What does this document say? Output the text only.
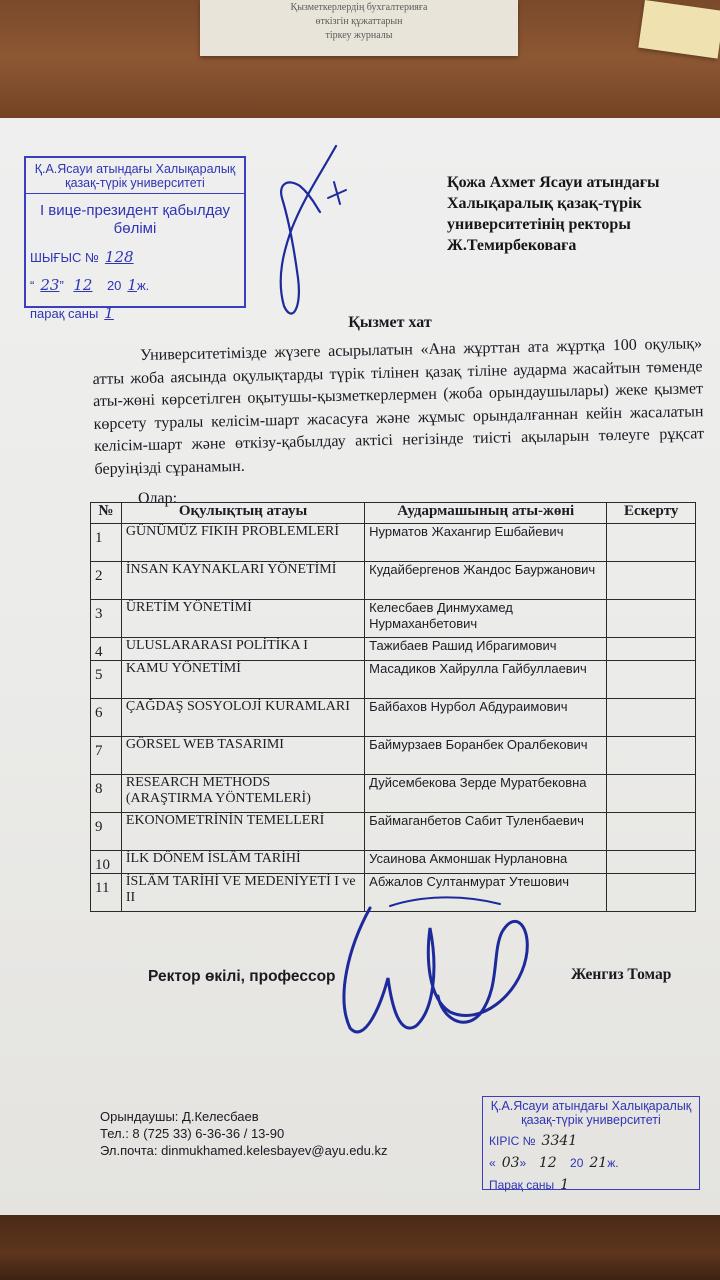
Қызметкерлердің бухгалтерияға
өткізгін құжаттарын
тіркеу журналы
Қ.А.Ясауи атындағы Халықаралық қазақ-түрік университеті
I вице-президент қабылдау бөлімі
ШЫҒЫС № 128
“ 23” 12 20 1ж.
парақ саны 1
Қожа Ахмет Ясауи атындағы
Халықаралық қазақ-түрік
университетінің ректоры
Ж.Темирбековаға
Қызмет хат
Университетімізде жүзеге асырылатын «Ана жұрттан ата жұртқа 100 оқулық» атты жоба аясында оқулықтарды түрік тілінен қазақ тіліне аударма жасайтын төменде аты-жөні көрсетілген оқытушы-қызметкерлермен (жоба орындаушылары) жеке қызмет көрсету туралы келісім-шарт жасасуға және жұмыс орындалғаннан кейін жасалатын келісім-шарт және өткізу-қабылдау актісі негізінде тиісті ақыларын төлеуге рұқсат беруіңізді сұранамын.
Олар:
№	Оқулықтың атауы	Аудармашының аты-жөні	Ескерту
1	GÜNÜMÜZ FIKIH PROBLEMLERİ	Нурматов Жахангир Ешбайевич	
2	İNSAN KAYNAKLARI YÖNETİMİ	Кудайбергенов Жандос Бауржанович	
3	ÜRETİM YÖNETİMİ	Келесбаев Динмухамед Нурмаханбетович	
4	ULUSLARARASI POLİTİKA I	Тажибаев Рашид Ибрагимович	
5	KAMU YÖNETİMİ	Масадиков Хайрулла Гайбуллаевич	
6	ÇAĞDAŞ SOSYOLOJİ KURAMLARI	Байбахов Нурбол Абдураимович	
7	GÖRSEL WEB TASARIMI	Баймурзаев Боранбек Оралбекович	
8	RESEARCH METHODS (ARAŞTIRMA YÖNTEMLERİ)	Дуйсембекова Зерде Муратбековна	
9	EKONOMETRİNİN TEMELLERİ	Баймаганбетов Сабит Туленбаевич	
10	İLK DÖNEM İSLÂM TARİHİ	Усаинова Акмоншак Нурлановна	
11	İSLÂM TARİHİ VE MEDENİYETİ I ve II	Абжалов Султанмурат Утешович	
Ректор өкілі, профессор	Женгиз Томар
Орындаушы: Д.Келесбаев
Тел.: 8 (725 33) 6-36-36 / 13-90
Эл.почта: dinmukhamed.kelesbayev@ayu.edu.kz
Қ.А.Ясауи атындағы Халықаралық қазақ-түрік университеті
КІРІС № 3341
« 03»  12 20 21ж.
Парақ саны 1
